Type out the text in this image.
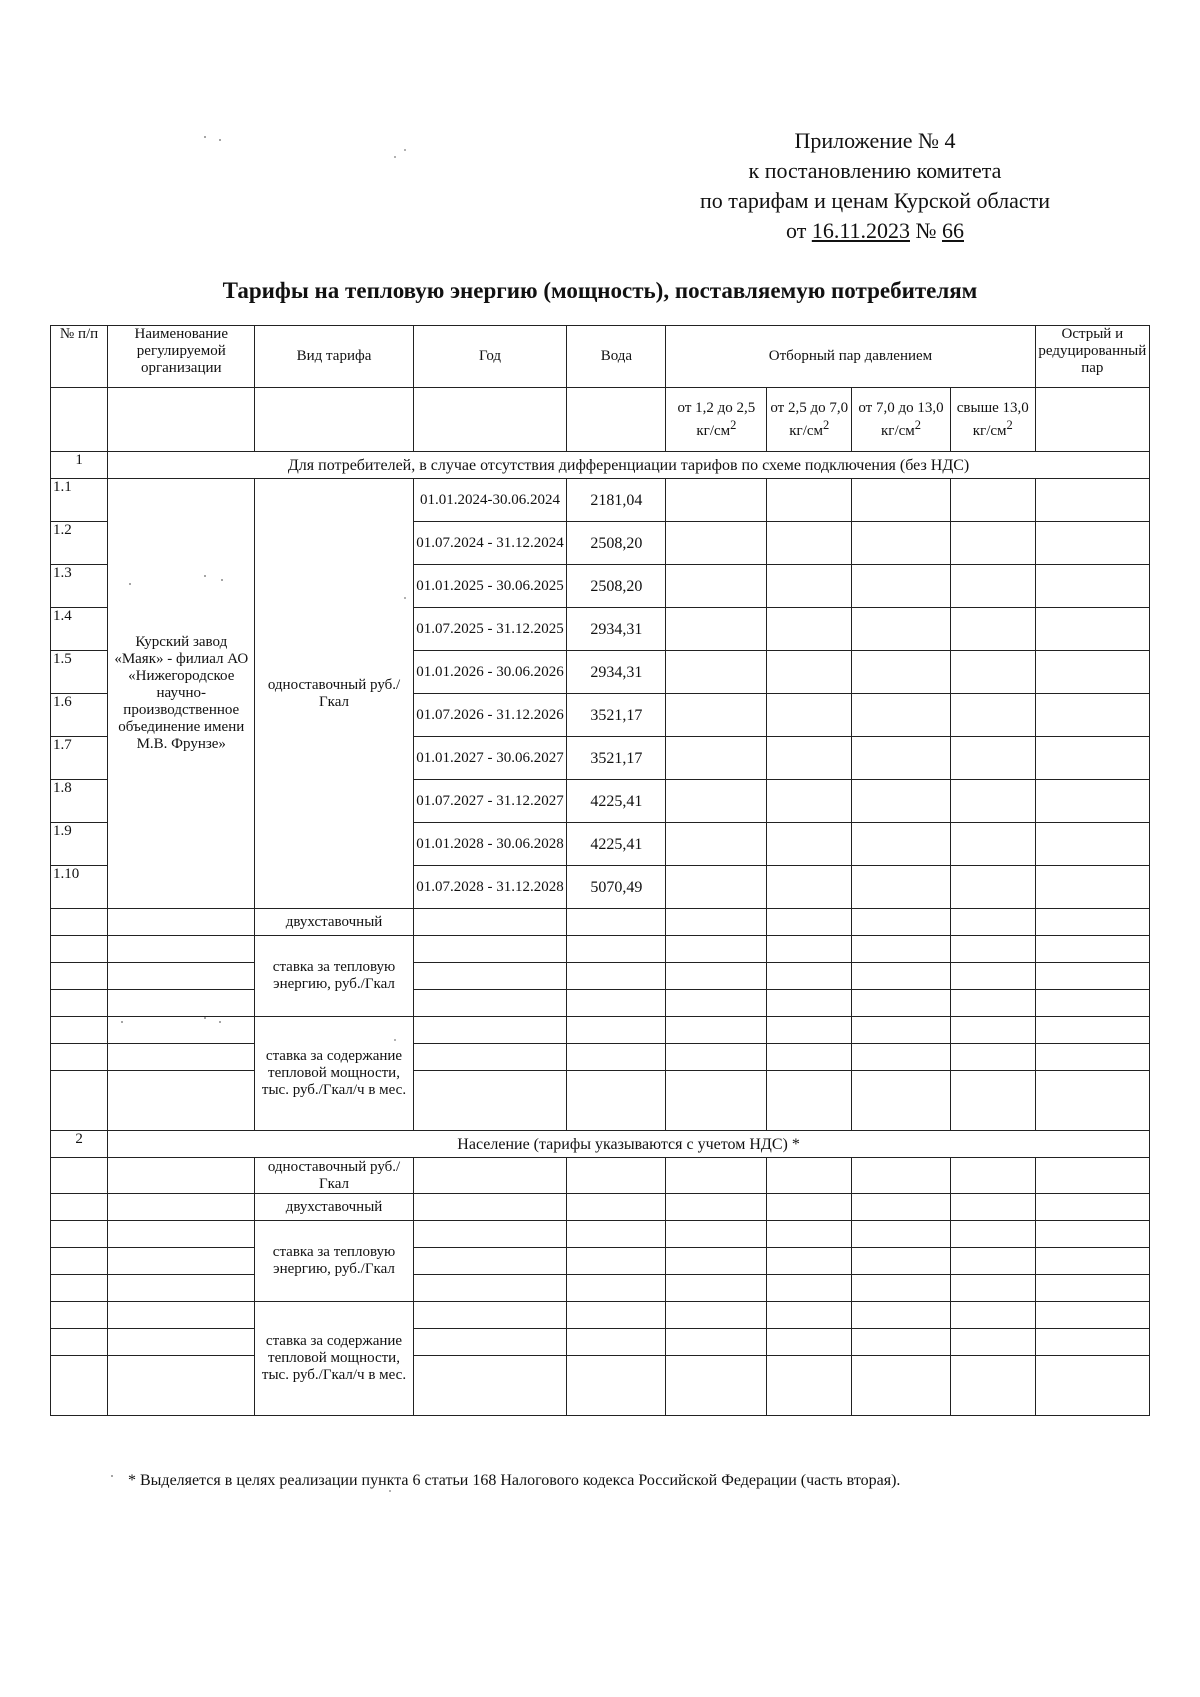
Приложение № 4
к постановлению комитета
по тарифам и ценам Курской области
от 16.11.2023 № 66
Тарифы на тепловую энергию (мощность), поставляемую потребителям
№ п/п	Наименование регулируемой организации	Вид тарифа	Год	Вода	Отборный пар давлением				Острый и редуцированный пар
					от 1,2 до 2,5 $кг/см^2$	от 2,5 до 7,0 $кг/см^2$	от 7,0 до 13,0 $кг/см^2$	свыше 13,0 $кг/см^2$	
1	Для потребителей, в случае отсутствия дифференциации тарифов по схеме подключения (без НДС)								
1.1	Курский завод «Маяк» - филиал АО «Нижегородское научно-производственное объединение имени М.В. Фрунзе»	одноставочный руб./Гкал	01.01.2024-30.06.2024	2181,04					
1.2			01.07.2024 - 31.12.2024	2508,20					
1.3			01.01.2025 - 30.06.2025	2508,20					
1.4			01.07.2025 - 31.12.2025	2934,31					
1.5			01.01.2026 - 30.06.2026	2934,31					
1.6			01.07.2026 - 31.12.2026	3521,17					
1.7			01.01.2027 - 30.06.2027	3521,17					
1.8			01.07.2027 - 31.12.2027	4225,41					
1.9			01.01.2028 - 30.06.2028	4225,41					
1.10			01.07.2028 - 31.12.2028	5070,49					
		двухставочный							
		ставка за тепловую энергию, руб./Гкал							

		ставка за содержание тепловой мощности, тыс. руб./Гкал/ч в мес.							

2	Население (тарифы указываются с учетом НДС) *								
		одноставочный руб./Гкал							
		двухставочный							
		ставка за тепловую энергию, руб./Гкал							

		ставка за содержание тепловой мощности, тыс. руб./Гкал/ч в мес.							

* Выделяется в целях реализации пункта 6 статьи 168 Налогового кодекса Российской Федерации (часть вторая).
